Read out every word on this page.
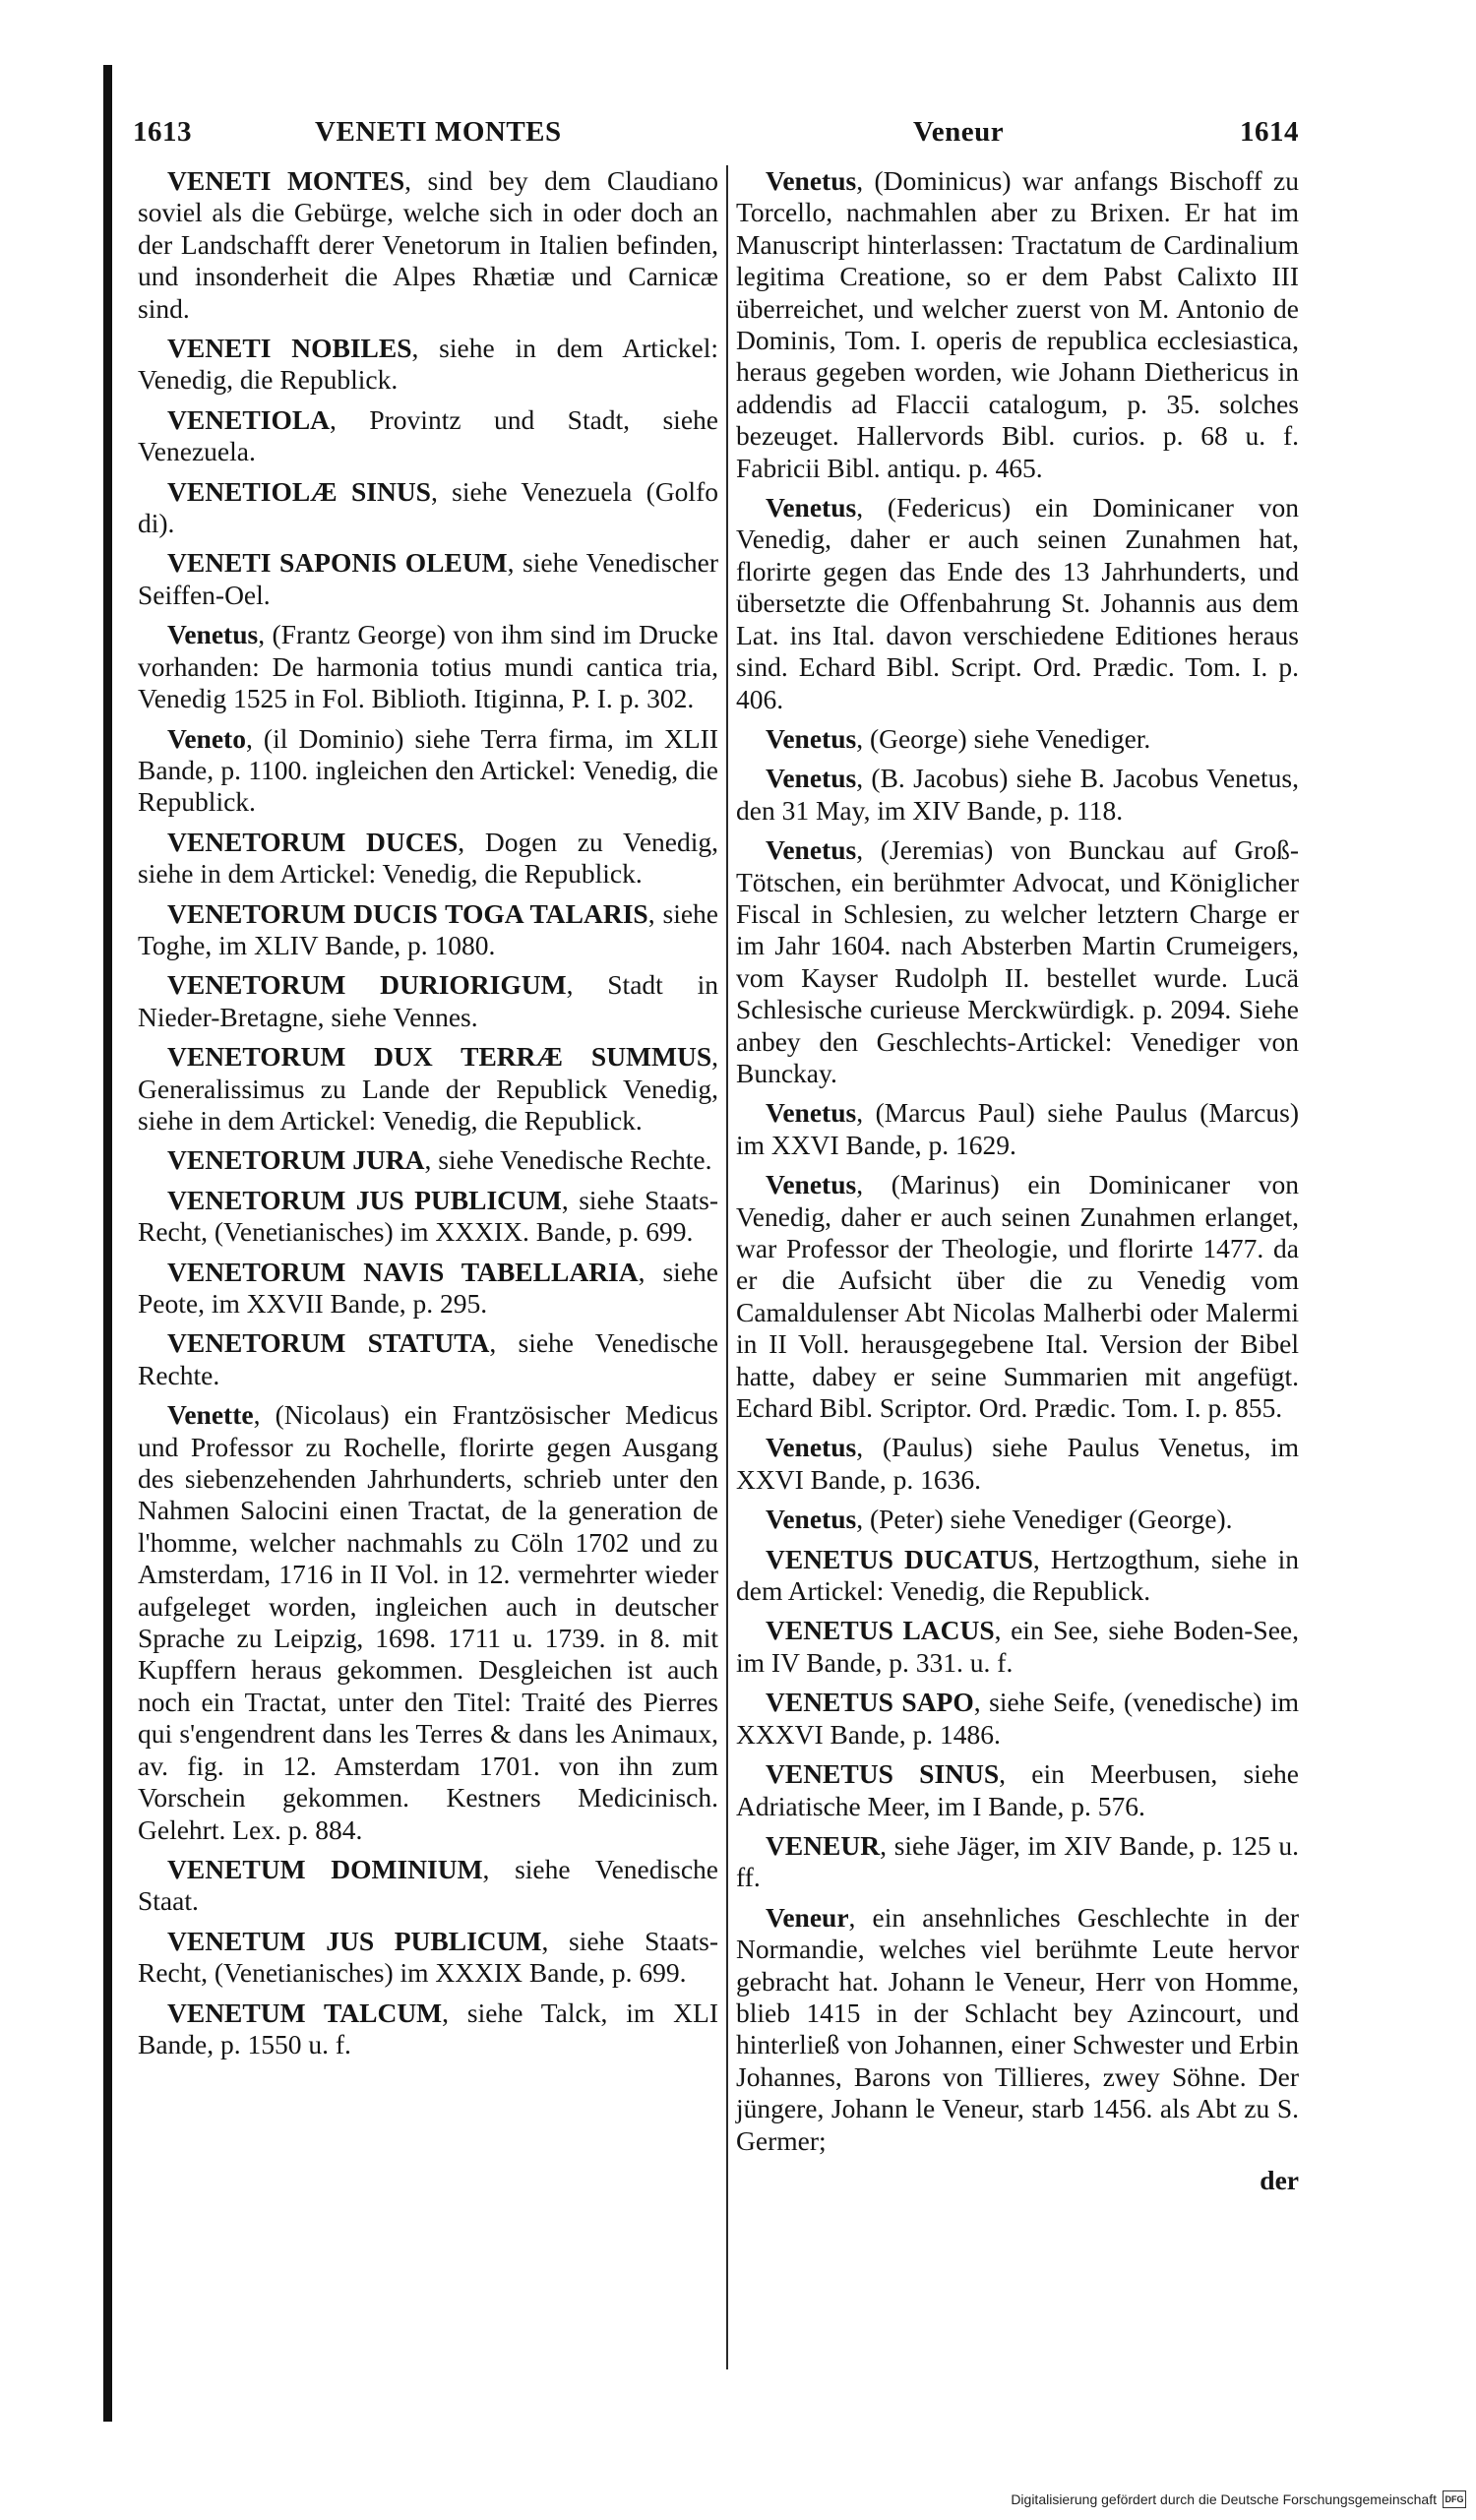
1613	VENETI MONTES	Veneur	1614

VENETI MONTES, sind bey dem Claudiano soviel als die Gebürge, welche sich in oder doch an der Landschafft derer Venetorum in Italien befinden, und insonderheit die Alpes Rhætiæ und Carnicæ sind.

VENETI NOBILES, siehe in dem Artickel: Venedig, die Republick.

VENETIOLA, Provintz und Stadt, siehe Venezuela.

VENETIOLÆ SINUS, siehe Venezuela (Golfo di).

VENETI SAPONIS OLEUM, siehe Venedischer Seiffen-Oel.

Venetus, (Frantz George) von ihm sind im Drucke vorhanden: De harmonia totius mundi cantica tria, Venedig 1525 in Fol. Biblioth. Itiginna, P. I. p. 302.

Veneto, (il Dominio) siehe Terra firma, im XLII Bande, p. 1100. ingleichen den Artickel: Venedig, die Republick.

VENETORUM DUCES, Dogen zu Venedig, siehe in dem Artickel: Venedig, die Republick.

VENETORUM DUCIS TOGA TALARIS, siehe Toghe, im XLIV Bande, p. 1080.

VENETORUM DURIORIGUM, Stadt in Nieder-Bretagne, siehe Vennes.

VENETORUM DUX TERRÆ SUMMUS, Generalissimus zu Lande der Republick Venedig, siehe in dem Artickel: Venedig, die Republick.

VENETORUM JURA, siehe Venedische Rechte.

VENETORUM JUS PUBLICUM, siehe Staats-Recht, (Venetianisches) im XXXIX. Bande, p. 699.

VENETORUM NAVIS TABELLARIA, siehe Peote, im XXVII Bande, p. 295.

VENETORUM STATUTA, siehe Venedische Rechte.

Venette, (Nicolaus) ein Frantzösischer Medicus und Professor zu Rochelle, florirte gegen Ausgang des siebenzehenden Jahrhunderts, schrieb unter den Nahmen Salocini einen Tractat, de la generation de l'homme, welcher nachmahls zu Cöln 1702 und zu Amsterdam, 1716 in II Vol. in 12. vermehrter wieder aufgeleget worden, ingleichen auch in deutscher Sprache zu Leipzig, 1698. 1711 u. 1739. in 8. mit Kupffern heraus gekommen. Desgleichen ist auch noch ein Tractat, unter den Titel: Traité des Pierres qui s'engendrent dans les Terres & dans les Animaux, av. fig. in 12. Amsterdam 1701. von ihn zum Vorschein gekommen. Kestners Medicinisch. Gelehrt. Lex. p. 884.

VENETUM DOMINIUM, siehe Venedische Staat.

VENETUM JUS PUBLICUM, siehe Staats-Recht, (Venetianisches) im XXXIX Bande, p. 699.

VENETUM TALCUM, siehe Talck, im XLI Bande, p. 1550 u. f.

Venetus, (Dominicus) war anfangs Bischoff zu Torcello, nachmahlen aber zu Brixen. Er hat im Manuscript hinterlassen: Tractatum de Cardinalium legitima Creatione, so er dem Pabst Calixto III überreichet, und welcher zuerst von M. Antonio de Dominis, Tom. I. operis de republica ecclesiastica, heraus gegeben worden, wie Johann Diethericus in addendis ad Flaccii catalogum, p. 35. solches bezeuget. Hallervords Bibl. curios. p. 68 u. f. Fabricii Bibl. antiqu. p. 465.

Venetus, (Federicus) ein Dominicaner von Venedig, daher er auch seinen Zunahmen hat, florirte gegen das Ende des 13 Jahrhunderts, und übersetzte die Offenbahrung St. Johannis aus dem Lat. ins Ital. davon verschiedene Editiones heraus sind. Echard Bibl. Script. Ord. Prædic. Tom. I. p. 406.

Venetus, (George) siehe Venediger.

Venetus, (B. Jacobus) siehe B. Jacobus Venetus, den 31 May, im XIV Bande, p. 118.

Venetus, (Jeremias) von Bunckau auf Groß-Tötschen, ein berühmter Advocat, und Königlicher Fiscal in Schlesien, zu welcher letztern Charge er im Jahr 1604. nach Absterben Martin Crumeigers, vom Kayser Rudolph II. bestellet wurde. Lucä Schlesische curieuse Merckwürdigk. p. 2094. Siehe anbey den Geschlechts-Artickel: Venediger von Bunckay.

Venetus, (Marcus Paul) siehe Paulus (Marcus) im XXVI Bande, p. 1629.

Venetus, (Marinus) ein Dominicaner von Venedig, daher er auch seinen Zunahmen erlanget, war Professor der Theologie, und florirte 1477. da er die Aufsicht über die zu Venedig vom Camaldulenser Abt Nicolas Malherbi oder Malermi in II Voll. herausgegebene Ital. Version der Bibel hatte, dabey er seine Summarien mit angefügt. Echard Bibl. Scriptor. Ord. Prædic. Tom. I. p. 855.

Venetus, (Paulus) siehe Paulus Venetus, im XXVI Bande, p. 1636.

Venetus, (Peter) siehe Venediger (George).

VENETUS DUCATUS, Hertzogthum, siehe in dem Artickel: Venedig, die Republick.

VENETUS LACUS, ein See, siehe Boden-See, im IV Bande, p. 331. u. f.

VENETUS SAPO, siehe Seife, (venedische) im XXXVI Bande, p. 1486.

VENETUS SINUS, ein Meerbusen, siehe Adriatische Meer, im I Bande, p. 576.

VENEUR, siehe Jäger, im XIV Bande, p. 125 u. ff.

Veneur, ein ansehnliches Geschlechte in der Normandie, welches viel berühmte Leute hervor gebracht hat. Johann le Veneur, Herr von Homme, blieb 1415 in der Schlacht bey Azincourt, und hinterließ von Johannen, einer Schwester und Erbin Johannes, Barons von Tillieres, zwey Söhne. Der jüngere, Johann le Veneur, starb 1456. als Abt zu S. Germer;

der
Digitalisierung gefördert durch die Deutsche Forschungsgemeinschaft DFG
